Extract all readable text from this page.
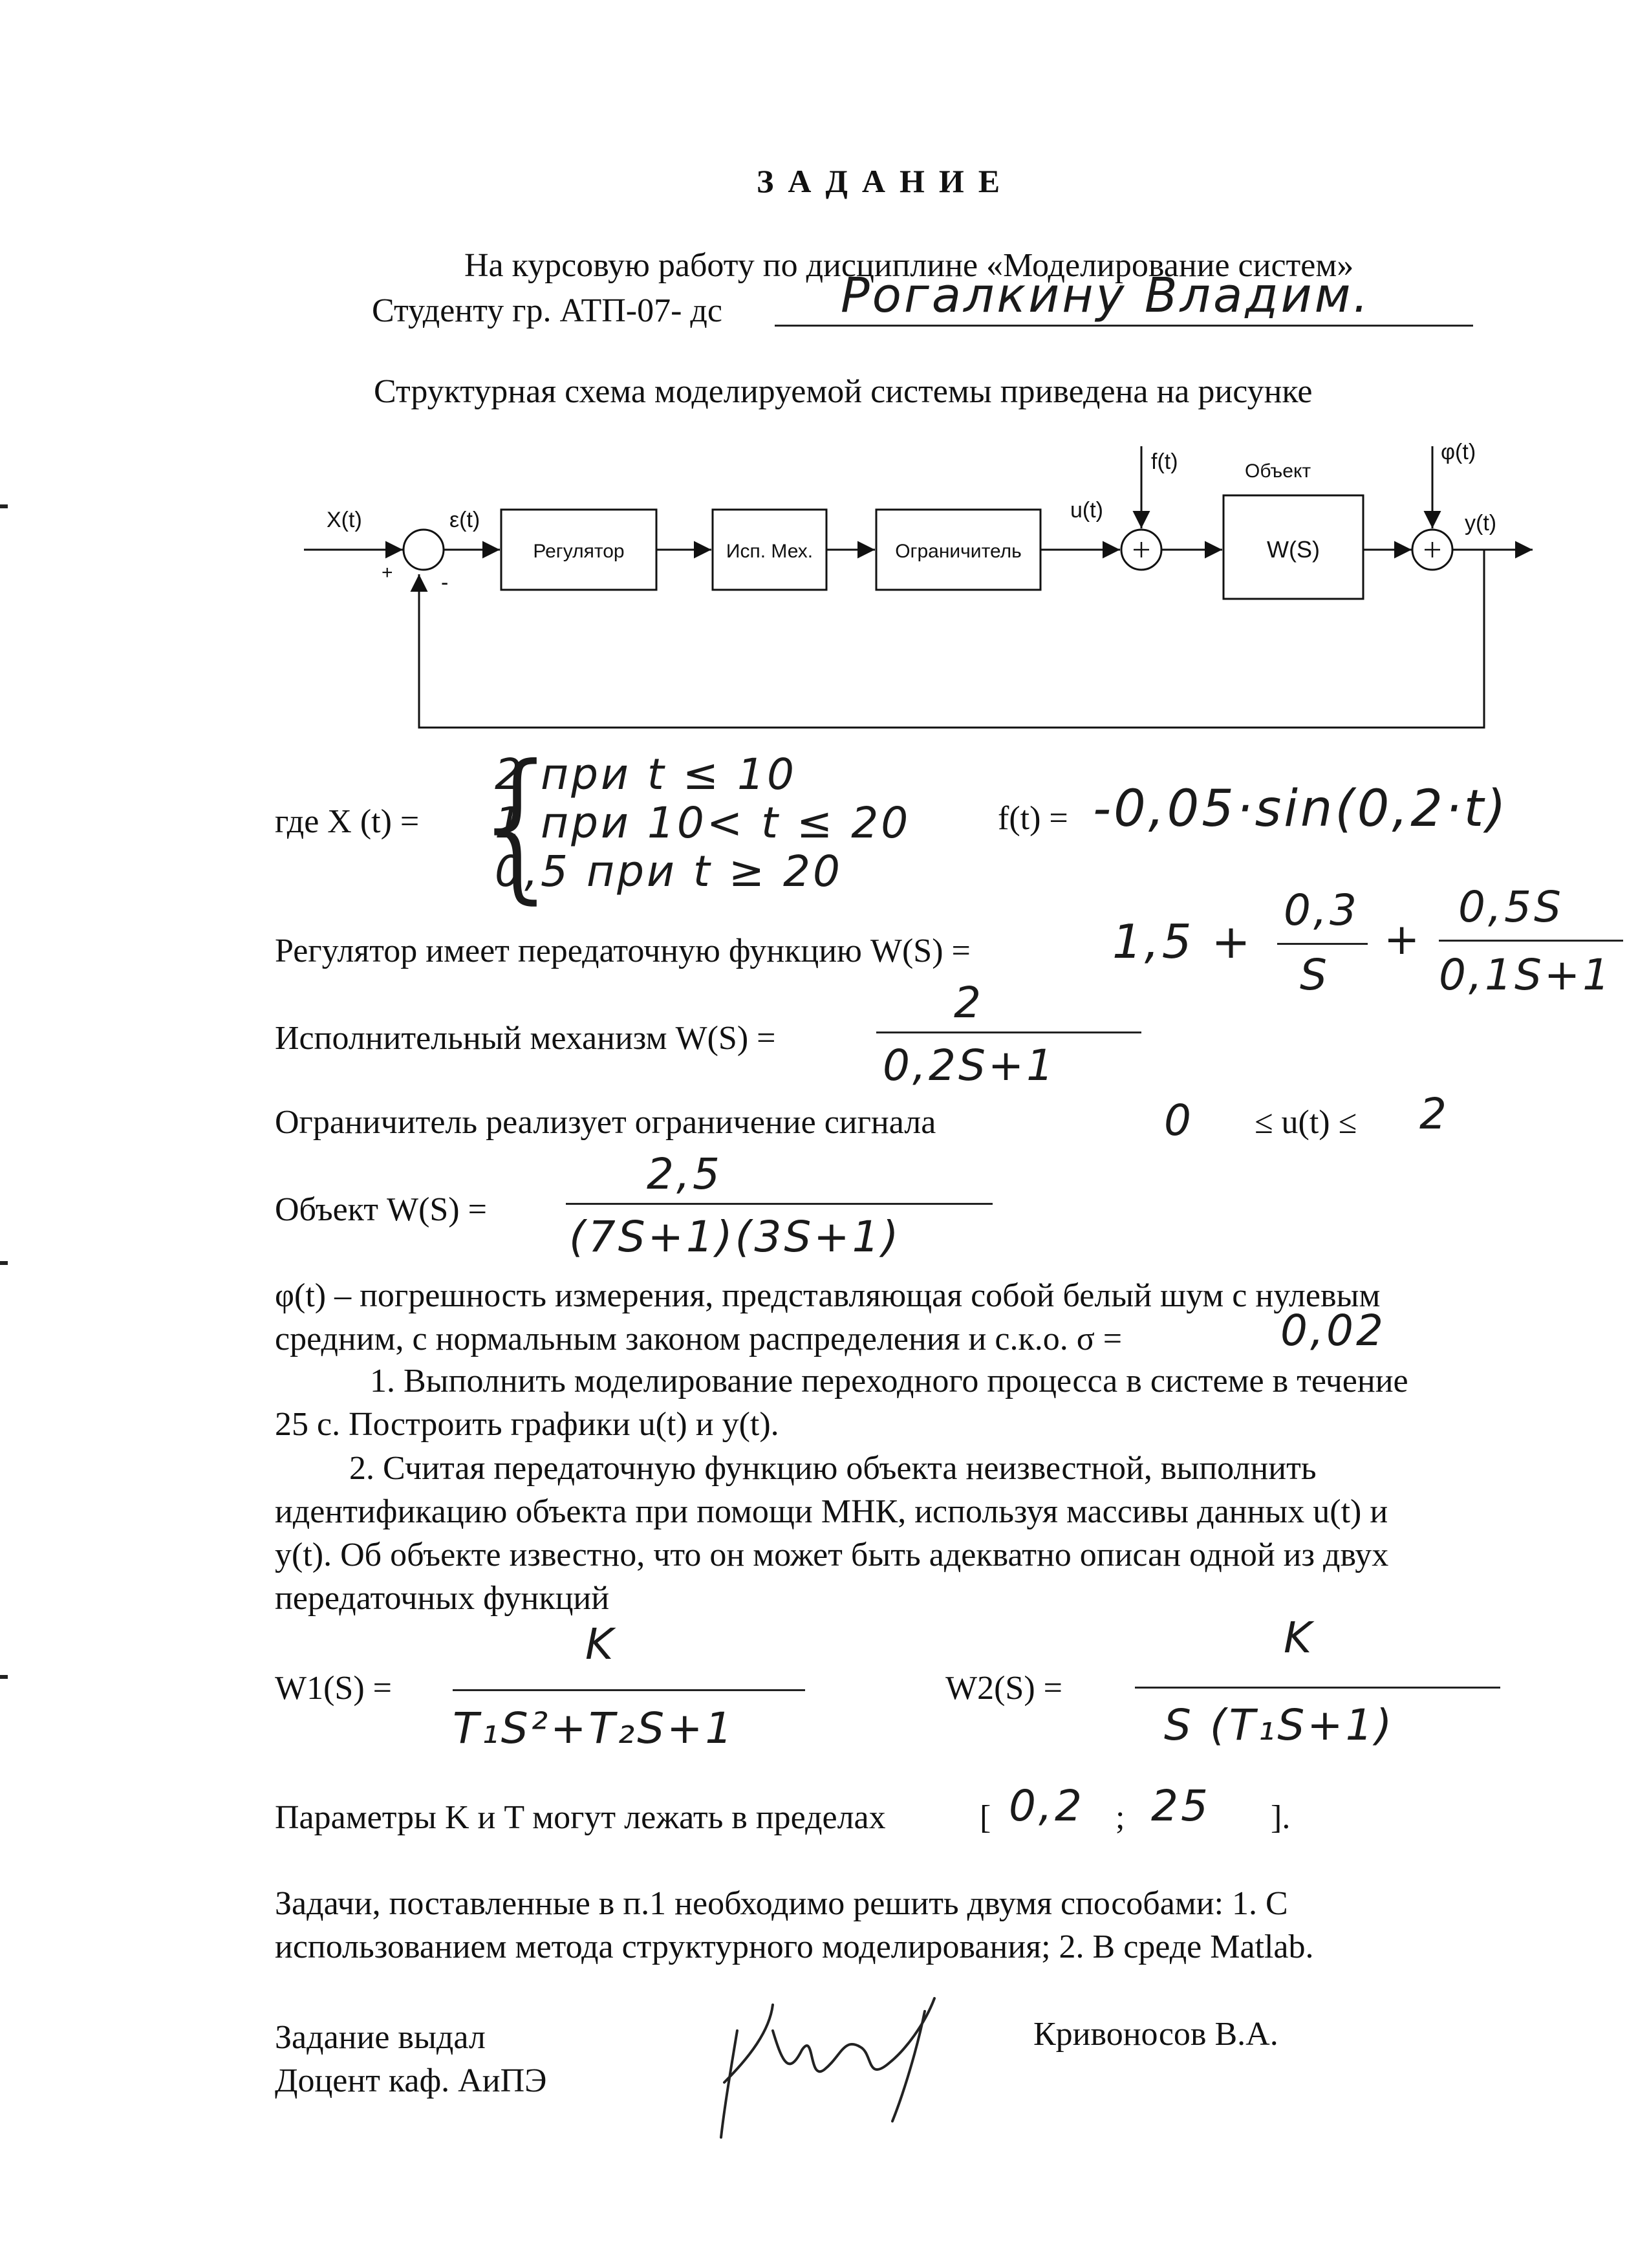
ЗАДАНИЕ
На курсовую работу по дисциплине «Моделирование систем»
Студенту гр. АТП-07- дс Рогалкину Владим.
Структурная схема моделируемой системы приведена на рисунке
X(t)	ε(t)
+ -
Регулятор	Исп. Мех.	Ограничитель	W(S)
u(t)
f(t)	Объект
φ(t)
y(t)
где X (t) = {
2 при t ≤ 10
1 при 10< t ≤ 20
0,5 при t ≥ 20
f(t) = -0,05·sin(0,2·t)
Регулятор имеет передаточную функцию W(S) =	1,5 +
0,3
S
+
0,5S
0,1S+1
Исполнительный механизм W(S) =
2
0,2S+1
Ограничитель реализует ограничение сигнала	0 ≤ u(t) ≤ 2
Объект W(S) =
2,5
(7S+1)(3S+1)
φ(t) – погрешность измерения, представляющая собой белый шум с нулевым
средним, с нормальным законом распределения и с.к.о. σ =	0,02
1. Выполнить моделирование переходного процесса в системе в течение
25 с. Построить графики u(t) и y(t).
2. Считая передаточную функцию объекта неизвестной, выполнить
идентификацию объекта при помощи МНК, используя массивы данных u(t) и
y(t). Об объекте известно, что он может быть адекватно описан одной из двух
передаточных функций
W1(S) =
K
T₁S²+T₂S+1
W2(S) =
K
S (T₁S+1)
Параметры K и T могут лежать в пределах	[ 0,2 ; 25 ].
Задачи, поставленные в п.1 необходимо решить двумя способами: 1. С
использованием метода структурного моделирования; 2. В среде Matlab.
Задание выдал
Доцент каф. АиПЭ
Кривоносов В.А.
